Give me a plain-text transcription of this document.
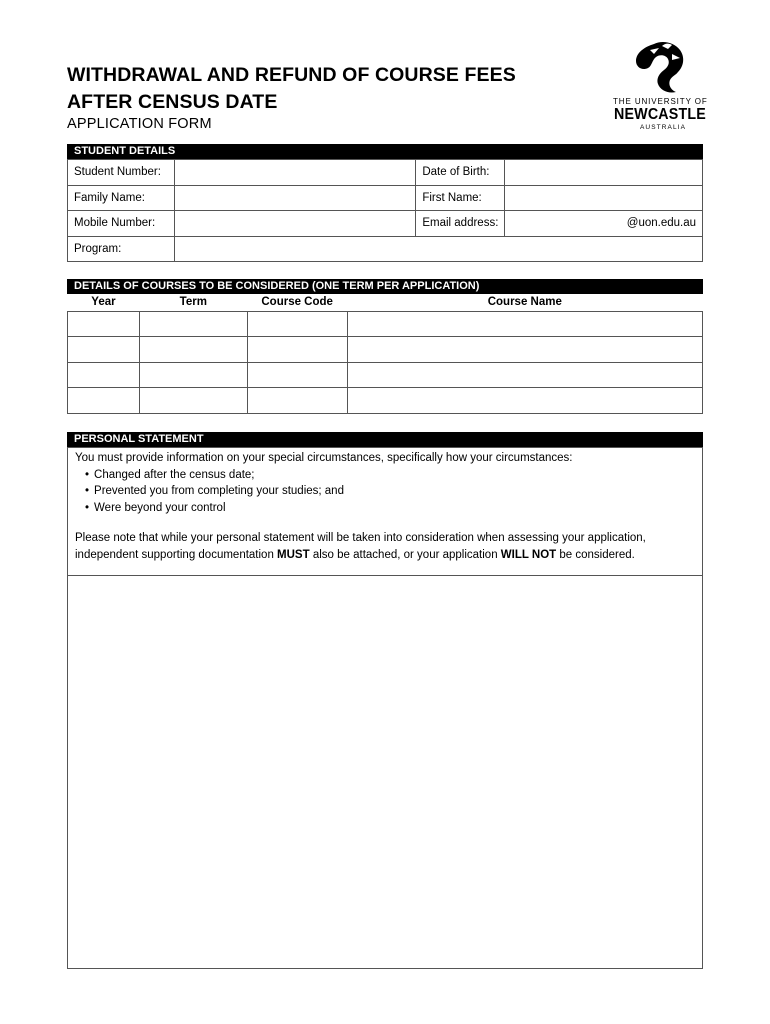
WITHDRAWAL AND REFUND OF COURSE FEES
AFTER CENSUS DATE
APPLICATION FORM
THE UNIVERSITY OF
NEWCASTLE
AUSTRALIA
STUDENT DETAILS
Student Number:		Date of Birth:	
Family Name:		First Name:	
Mobile Number:		Email address:	@uon.edu.au
Program:			
DETAILS OF COURSES TO BE CONSIDERED (ONE TERM PER APPLICATION)
Year	Term	Course Code	Course Name

PERSONAL STATEMENT
You must provide information on your special circumstances, specifically how your circumstances:
• Changed after the census date;
• Prevented you from completing your studies; and
• Were beyond your control
Please note that while your personal statement will be taken into consideration when assessing your application, independent supporting documentation MUST also be attached, or your application WILL NOT be considered.
